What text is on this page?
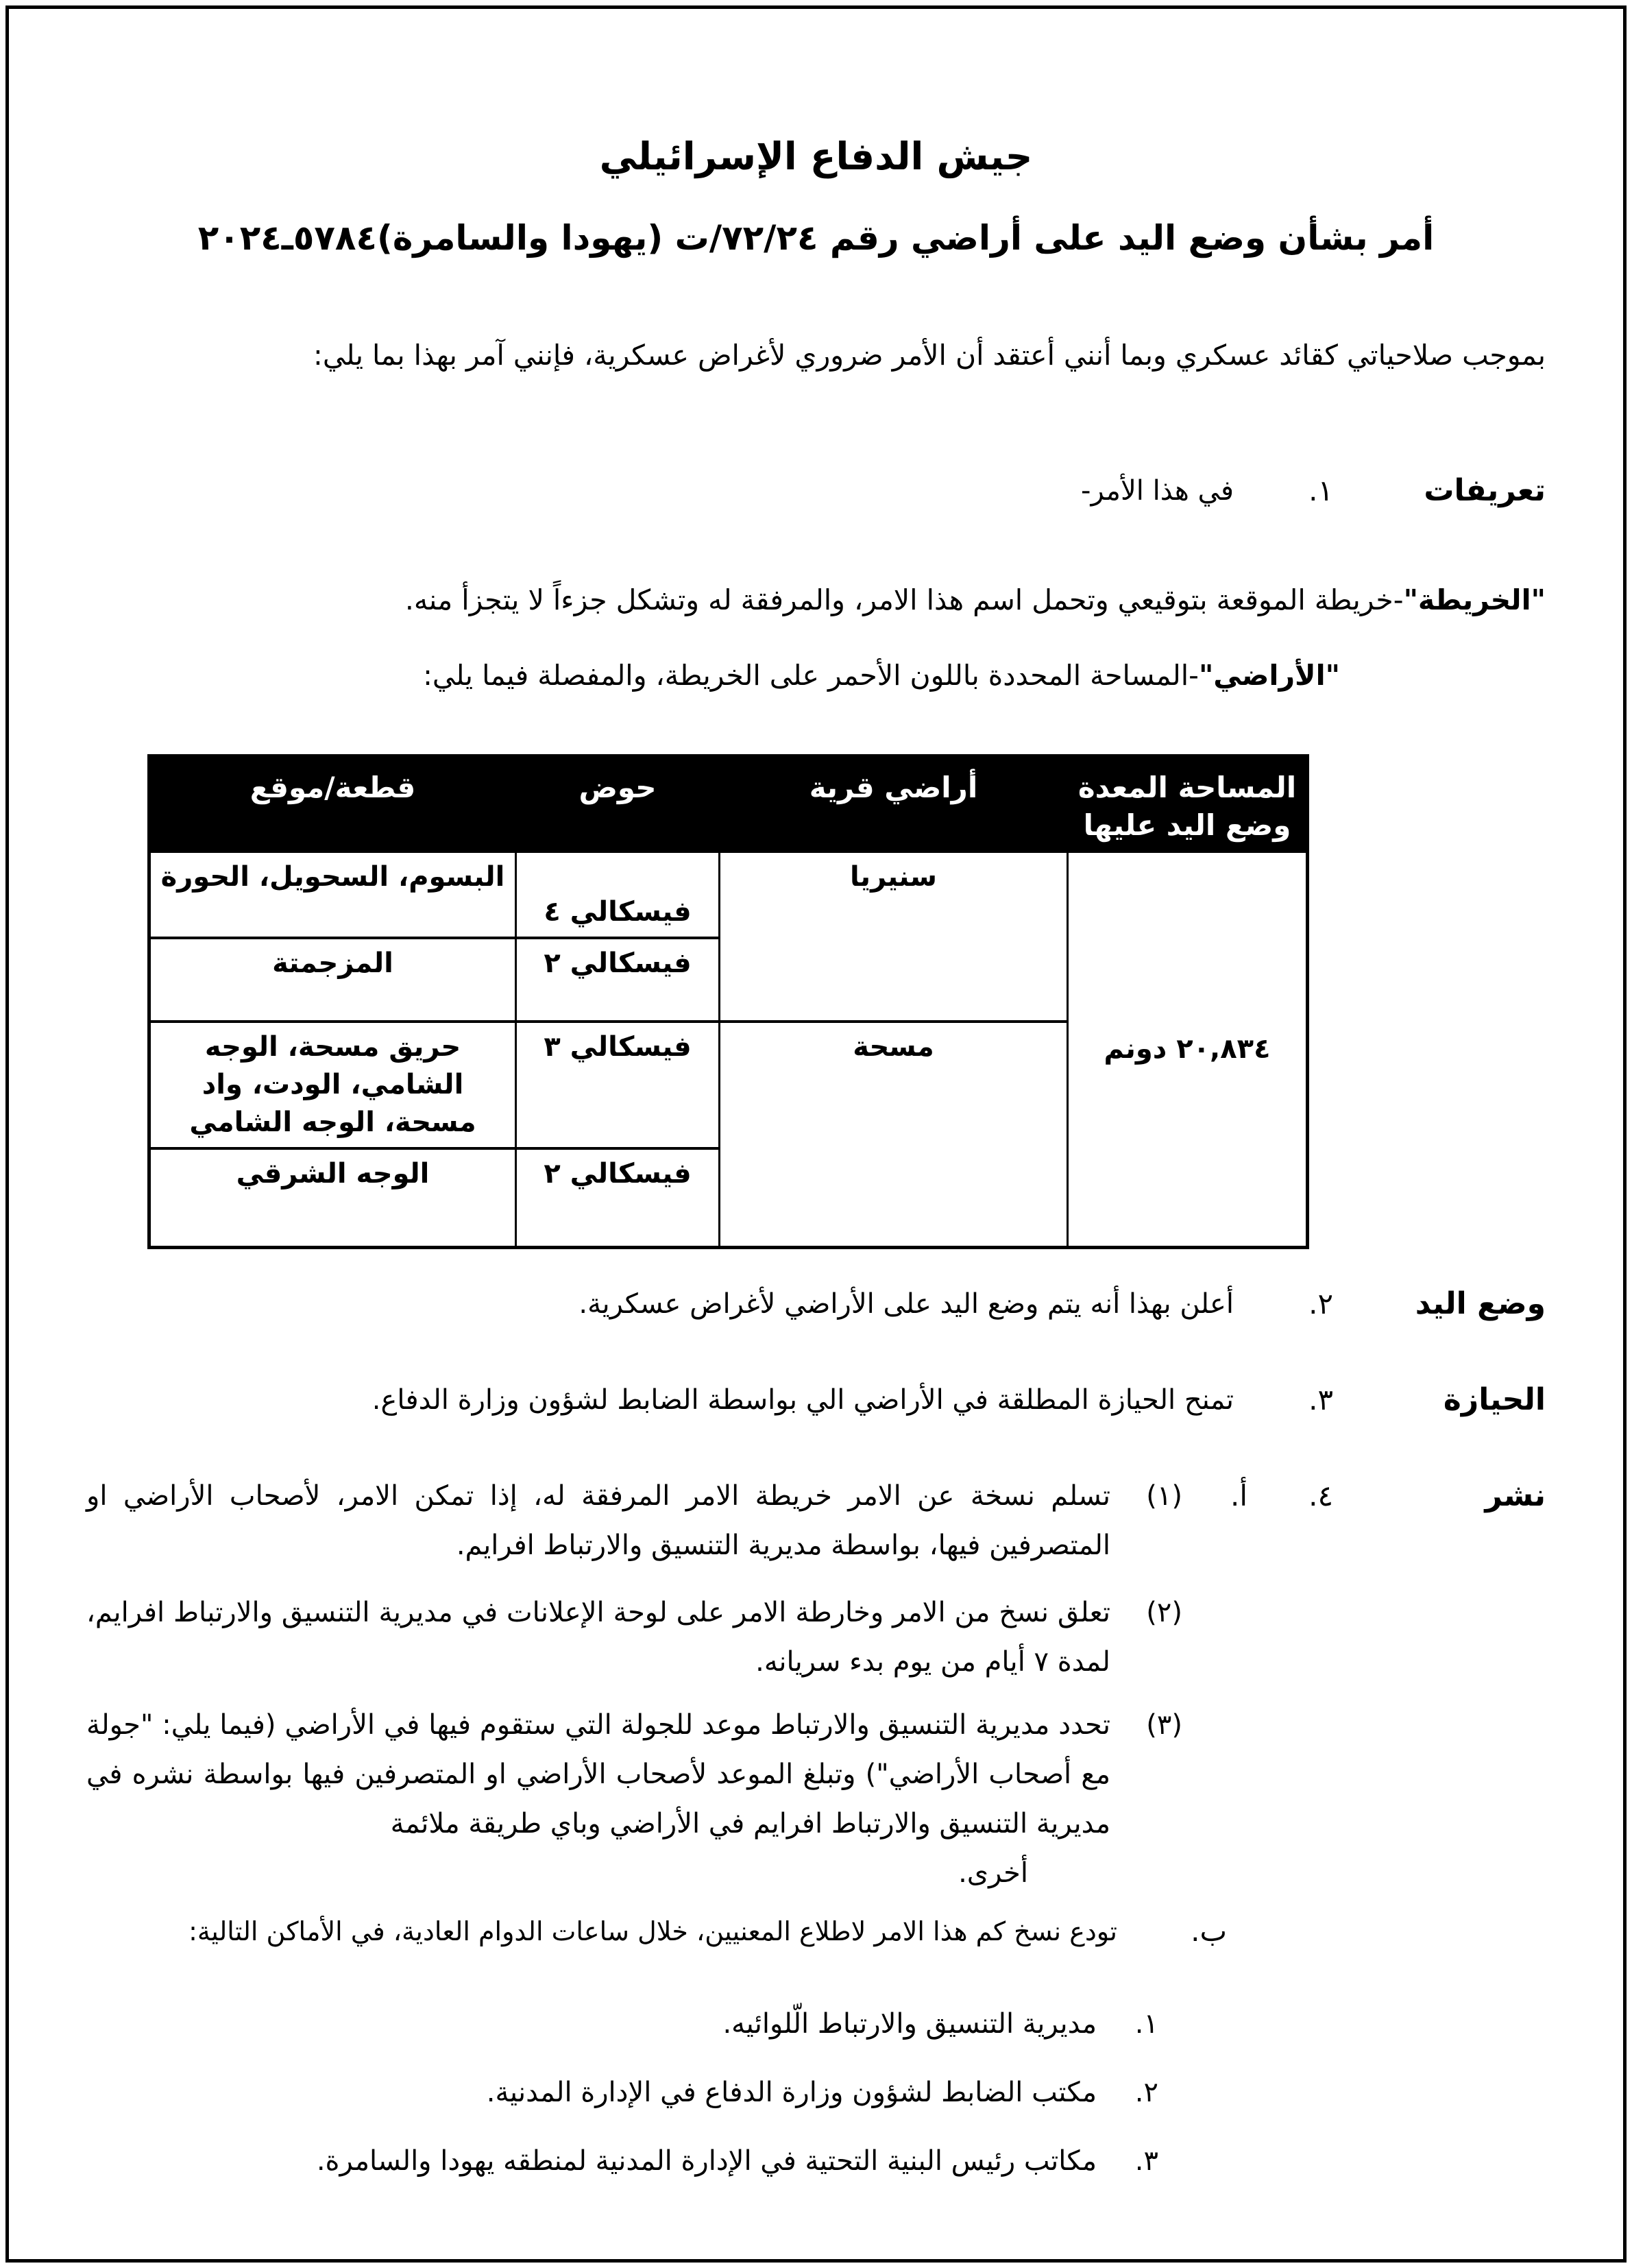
جيش الدفاع الإسرائيلي
أمر بشأن وضع اليد على أراضي رقم ت/٧٢/٢٤ (يهودا والسامرة)٢٠٢٤ـ٥٧٨٤
بموجب صلاحياتي كقائد عسكري وبما أنني أعتقد أن الأمر ضروري لأغراض عسكرية، فإنني آمر بهذا بما يلي:
تعريفات
١.
في هذا الأمر-
"الخريطة"-خريطة الموقعة بتوقيعي وتحمل اسم هذا الامر، والمرفقة له وتشكل جزءاً لا يتجزأ منه.
"الأراضي"-المساحة المحددة باللون الأحمر على الخريطة، والمفصلة فيما يلي:
المساحة المعدة وضع اليد عليها	أراضي قرية	حوض	قطعة/موقع
٢٠,٨٣٤ دونم	سنيريا	فيسكالي ٤	البسوم، السحويل، الحورة
		فيسكالي ٢	المزجمتة
	مسحة	فيسكالي ٣	حريق مسحة، الوجه الشامي، الودت، واد مسحة، الوجه الشامي
		فيسكالي ٢	الوجه الشرقي
وضع اليد
٢.
أعلن بهذا أنه يتم وضع اليد على الأراضي لأغراض عسكرية.
الحيازة
٣.
تمنح الحيازة المطلقة في الأراضي الي بواسطة الضابط لشؤون وزارة الدفاع.
نشر
٤.
أ.
(١)
تسلم نسخة عن الامر خريطة الامر المرفقة له، إذا تمكن الامر، لأصحاب الأراضي او المتصرفين فيها، بواسطة مديرية التنسيق والارتباط افرايم.
(٢)
تعلق نسخ من الامر وخارطة الامر على لوحة الإعلانات في مديرية التنسيق والارتباط افرايم، لمدة ٧ أيام من يوم بدء سريانه.
(٣)
تحدد مديرية التنسيق والارتباط موعد للجولة التي ستقوم فيها في الأراضي (فيما يلي: "جولة مع أصحاب الأراضي") وتبلغ الموعد لأصحاب الأراضي او المتصرفين فيها بواسطة نشره في مديرية التنسيق والارتباط افرايم في الأراضي وباي طريقة ملائمة
أخرى.
ب.
تودع نسخ كم هذا الامر لاطلاع المعنيين، خلال ساعات الدوام العادية، في الأماكن التالية:
١.
مديرية التنسيق والارتباط الّلوائيه.
٢.
مكتب الضابط لشؤون وزارة الدفاع في الإدارة المدنية.
٣.
مكاتب رئيس البنية التحتية في الإدارة المدنية لمنطقه يهودا والسامرة.
